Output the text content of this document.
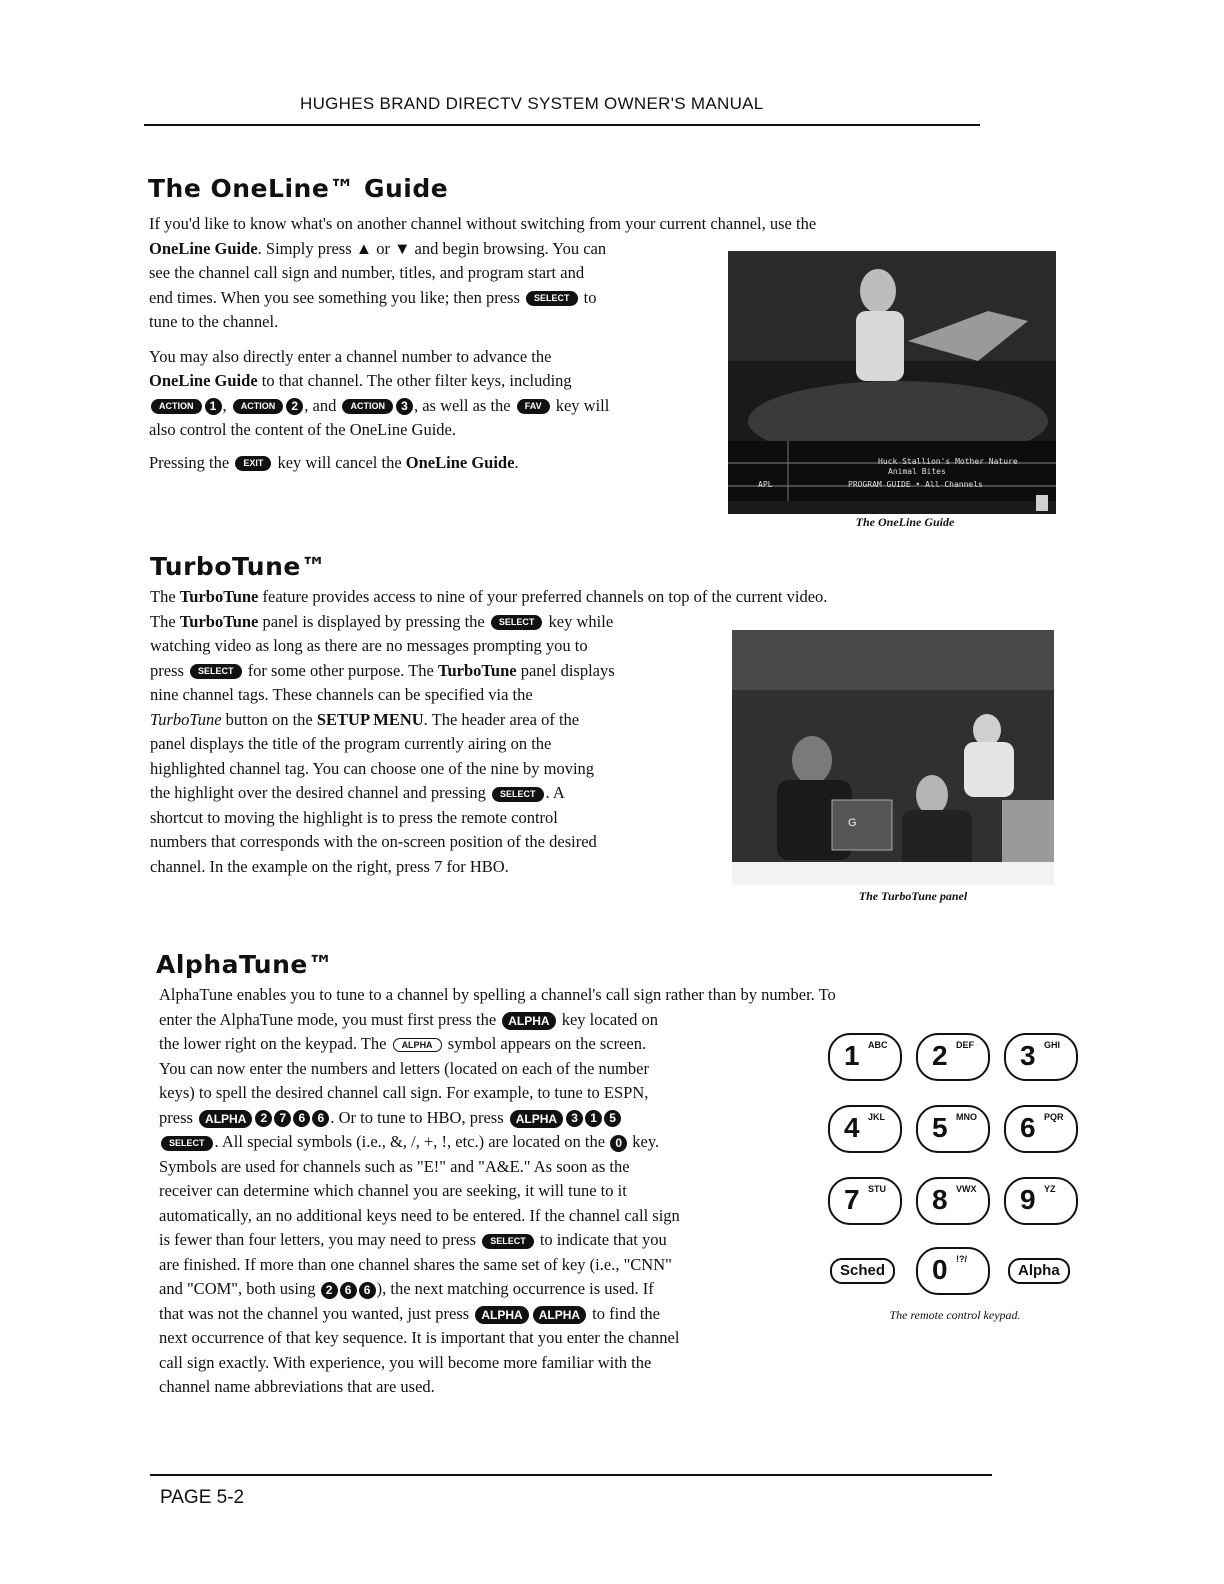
HUGHES BRAND DIRECTV SYSTEM OWNER'S MANUAL
The OneLine™ Guide

If you'd like to know what's on another channel without switching from your current channel, use the

OneLine Guide. Simply press ▲ or ▼ and begin browsing. You can

see the channel call sign and number, titles, and program start and

end times. When you see something you like; then press SELECT to

tune to the channel.

You may also directly enter a channel number to advance the

OneLine Guide to that channel. The other filter keys, including

ACTION 1 , ACTION 2 , and ACTION 3 , as well as the FAV key will

also control the content of the OneLine Guide.

Pressing the EXIT key will cancel the OneLine Guide.	Huck Stallion's Mother Nature
Animal Bites
PROGRAM GUIDE • All Channels
APL
The OneLine Guide
TurboTune™

The TurboTune feature provides access to nine of your preferred channels on top of the current video.

The TurboTune panel is displayed by pressing the SELECT key while

watching video as long as there are no messages prompting you to

press SELECT for some other purpose. The TurboTune panel displays

nine channel tags. These channels can be specified via the

TurboTune button on the SETUP MENU. The header area of the

panel displays the title of the program currently airing on the

highlighted channel tag. You can choose one of the nine by moving

the highlight over the desired channel and pressing SELECT . A

shortcut to moving the highlight is to press the remote control

numbers that corresponds with the on-screen position of the desired

channel. In the example on the right, press 7 for HBO.

G
The TurboTune panel
AlphaTune™

AlphaTune enables you to tune to a channel by spelling a channel's call sign rather than by number. To

enter the AlphaTune mode, you must first press the ALPHA key located on

the lower right on the keypad. The ALPHA symbol appears on the screen.

You can now enter the numbers and letters (located on each of the number

keys) to spell the desired channel call sign. For example, to tune to ESPN,

press ALPHA 2 7 6 6 . Or to tune to HBO, press ALPHA 3 1 5

SELECT . All special symbols (i.e., &, /, +, !, etc.) are located on the 0 key.

Symbols are used for channels such as "E!" and "A&E." As soon as the

receiver can determine which channel you are seeking, it will tune to it

automatically, an no additional keys need to be entered. If the channel call sign

is fewer than four letters, you may need to press SELECT to indicate that you

are finished. If more than one channel shares the same set of key (i.e., "CNN"

and "COM", both using 2 6 6 ), the next matching occurrence is used. If

that was not the channel you wanted, just press ALPHA ALPHA to find the

next occurrence of that key sequence. It is important that you enter the channel

call sign exactly. With experience, you will become more familiar with the

channel name abbreviations that are used.

1 ABC 2 DEF 3 GHI
4 JKL 5 MNO 6 PQR
7 STU 8 VWX 9 YZ
Sched	0 !?/
Alpha
The remote control keypad.
PAGE 5-2
